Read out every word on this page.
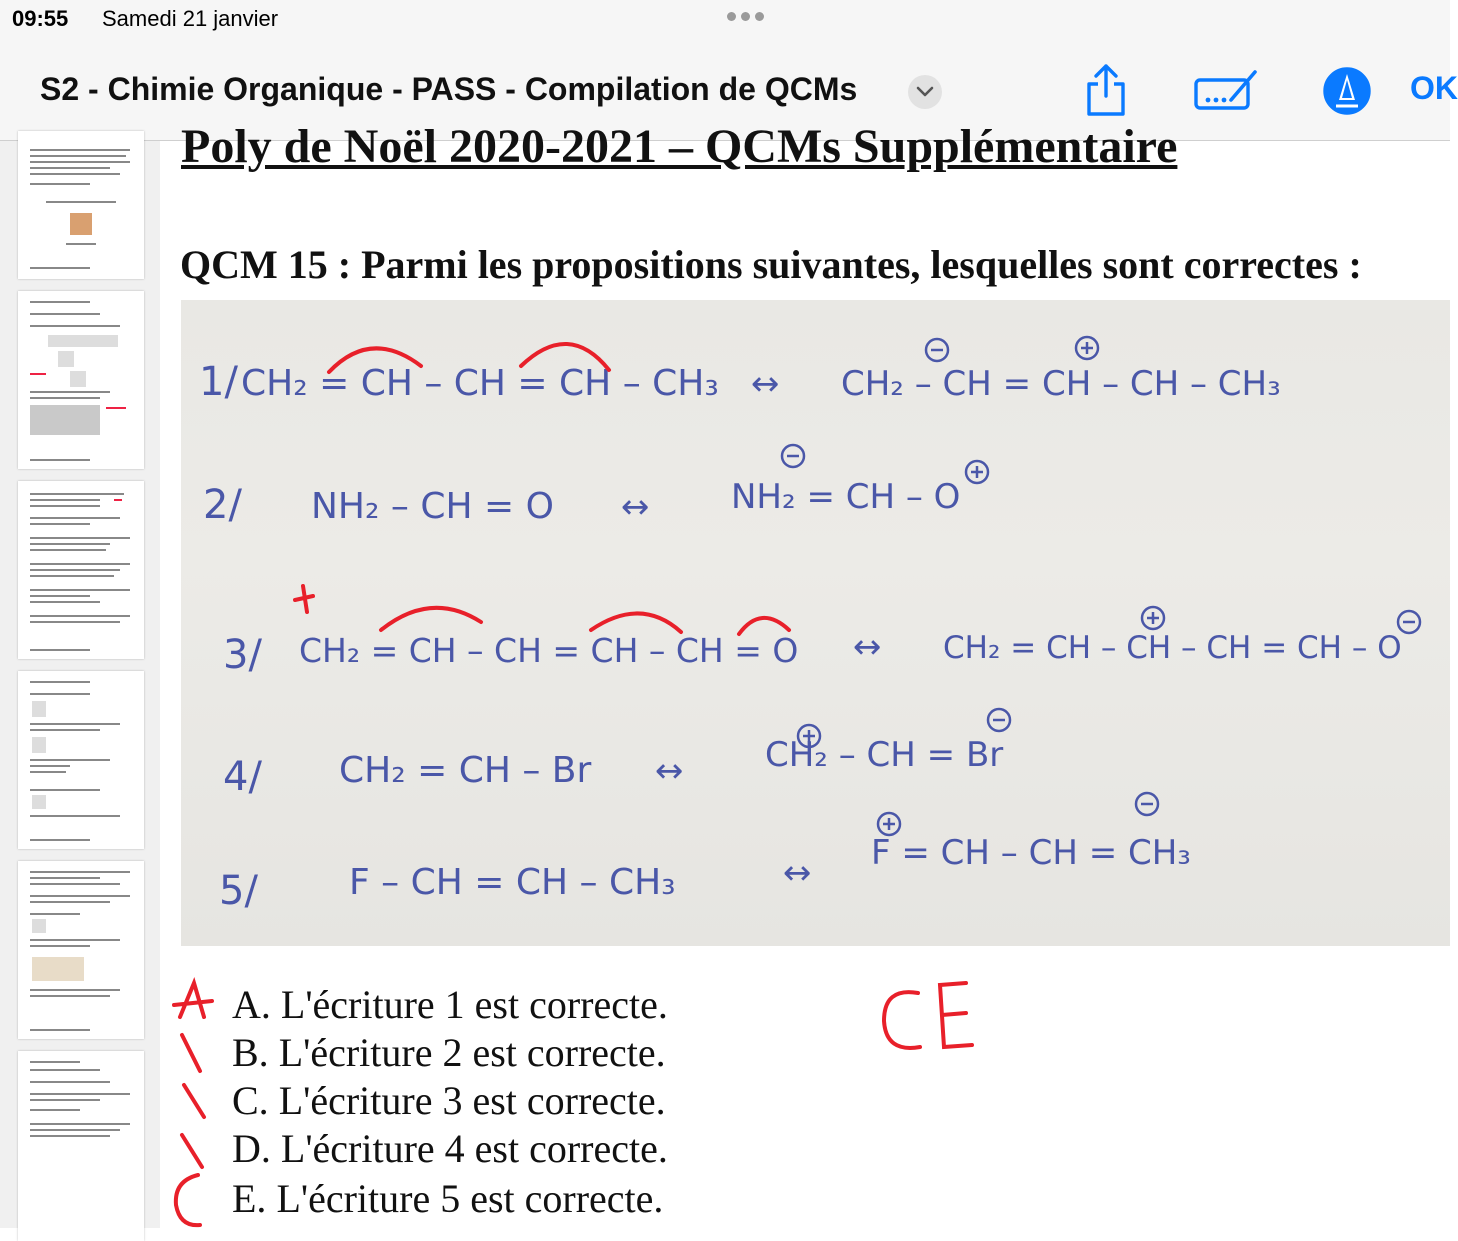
09:55 Samedi 21 janvier
S2 - Chimie Organique - PASS - Compilation de QCMs	OK
Poly de Noël 2020-2021 – QCMs Supplémentaire
QCM 15 : Parmi les propositions suivantes, lesquelles sont correctes :
1/ CH₂ = CH – CH = CH – CH₃ ↔ CH₂ – CH = CH – CH – CH₃
2/ NH₂ – CH = O ↔ NH₂ = CH – O
3/ CH₂ = CH – CH = CH – CH = O ↔ CH₂ = CH – CH – CH = CH – O
4/ CH₂ = CH – Br ↔ CH₂ – CH = Br
5/	F – CH = CH – CH₃	↔ F = CH – CH = CH₃
A. L'écriture 1 est correcte.
B. L'écriture 2 est correcte.
C. L'écriture 3 est correcte.
D. L'écriture 4 est correcte.
E. L'écriture 5 est correcte.
